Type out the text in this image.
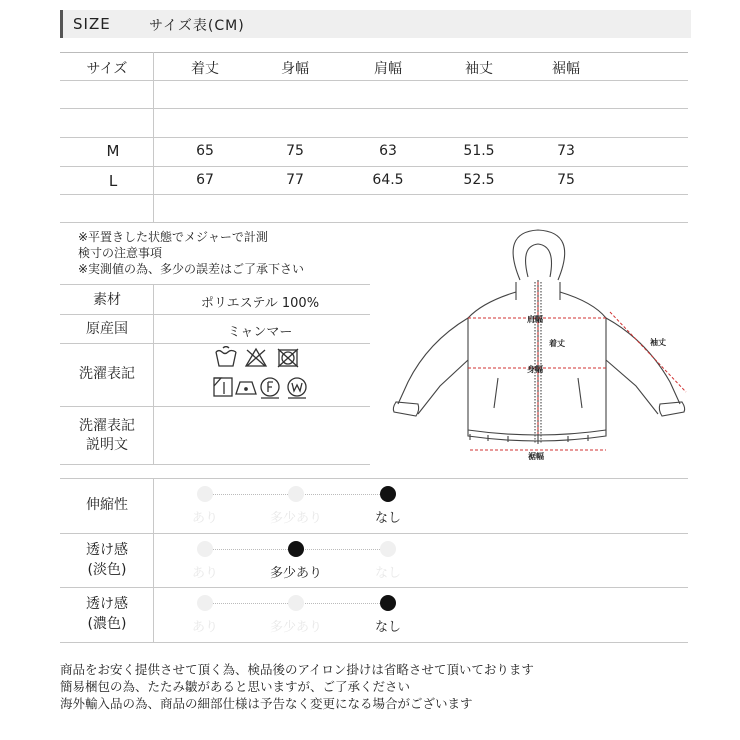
SIZE	サイズ表(CM)
サイズ	着丈	身幅	肩幅	袖丈	裾幅
M	65	75	63	51.5	73
L	67	77	64.5	52.5	75
※平置きした状態でメジャーで計測
検寸の注意事項
※実測値の為、多少の誤差はご了承下さい
素材	ポリエステル 100%
原産国	ミャンマー
洗濯表記
洗濯表記
説明文
肩幅
着丈
身幅
袖丈
裾幅
伸縮性
あり	多少あり	なし
透け感
(淡色)	あり	多少あり	なし
透け感
(濃色)	あり	多少あり	なし
商品をお安く提供させて頂く為、検品後のアイロン掛けは省略させて頂いております
簡易梱包の為、たたみ皺があると思いますが、ご了承ください
海外輸入品の為、商品の細部仕様は予告なく変更になる場合がございます
